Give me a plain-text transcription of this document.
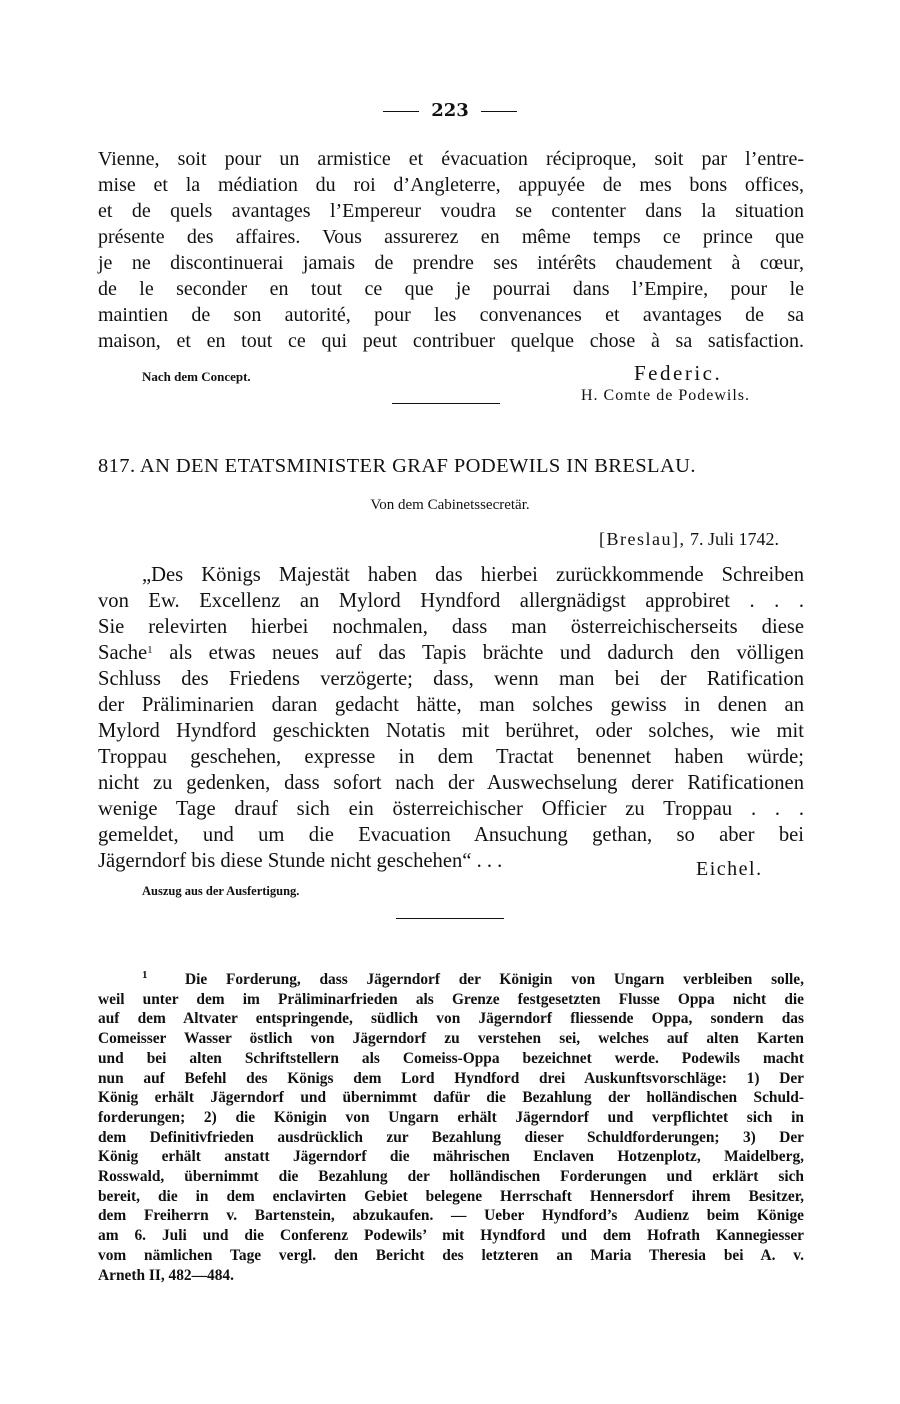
223
Vienne, soit pour un armistice et évacuation réciproque, soit par l’entre-
mise et la médiation du roi d’Angleterre, appuyée de mes bons offices,
et de quels avantages l’Empereur voudra se contenter dans la situation
présente des affaires. Vous assurerez en même temps ce prince que
je ne discontinuerai jamais de prendre ses intérêts chaudement à cœur,
de le seconder en tout ce que je pourrai dans l’Empire, pour le
maintien de son autorité, pour les convenances et avantages de sa
maison, et en tout ce qui peut contribuer quelque chose à sa satisfaction.
Nach dem Concept.	Federic.
H. Comte de Podewils.
817. AN DEN ETATSMINISTER GRAF PODEWILS IN BRESLAU.
Von dem Cabinetssecretär.
[Breslau], 7. Juli 1742.
„Des Königs Majestät haben das hierbei zurückkommende Schreiben
von Ew. Excellenz an Mylord Hyndford allergnädigst approbiret . . .
Sie relevirten hierbei nochmalen, dass man österreichischerseits diese
Sache$^1$ als etwas neues auf das Tapis brächte und dadurch den völligen
Schluss des Friedens verzögerte; dass, wenn man bei der Ratification
der Präliminarien daran gedacht hätte, man solches gewiss in denen an
Mylord Hyndford geschickten Notatis mit berühret, oder solches, wie mit
Troppau geschehen, expresse in dem Tractat benennet haben würde;
nicht zu gedenken, dass sofort nach der Auswechselung derer Ratificationen
wenige Tage drauf sich ein österreichischer Officier zu Troppau . . .
gemeldet, und um die Evacuation Ansuchung gethan, so aber bei
Jägerndorf bis diese Stunde nicht geschehen“ . . .	Eichel.
Auszug aus der Ausfertigung.
$^1$ Die Forderung, dass Jägerndorf der Königin von Ungarn verbleiben solle,
weil unter dem im Präliminarfrieden als Grenze festgesetzten Flusse Oppa nicht die
auf dem Altvater entspringende, südlich von Jägerndorf fliessende Oppa, sondern das
Comeisser Wasser östlich von Jägerndorf zu verstehen sei, welches auf alten Karten
und bei alten Schriftstellern als Comeiss-Oppa bezeichnet werde. Podewils macht
nun auf Befehl des Königs dem Lord Hyndford drei Auskunftsvorschläge: 1) Der
König erhält Jägerndorf und übernimmt dafür die Bezahlung der holländischen Schuld-
forderungen; 2) die Königin von Ungarn erhält Jägerndorf und verpflichtet sich in
dem Definitivfrieden ausdrücklich zur Bezahlung dieser Schuldforderungen; 3) Der
König erhält anstatt Jägerndorf die mährischen Enclaven Hotzenplotz, Maidelberg,
Rosswald, übernimmt die Bezahlung der holländischen Forderungen und erklärt sich
bereit, die in dem enclavirten Gebiet belegene Herrschaft Hennersdorf ihrem Besitzer,
dem Freiherrn v. Bartenstein, abzukaufen. — Ueber Hyndford’s Audienz beim Könige
am 6. Juli und die Conferenz Podewils’ mit Hyndford und dem Hofrath Kannegiesser
vom nämlichen Tage vergl. den Bericht des letzteren an Maria Theresia bei A. v.
Arneth II, 482—484.
